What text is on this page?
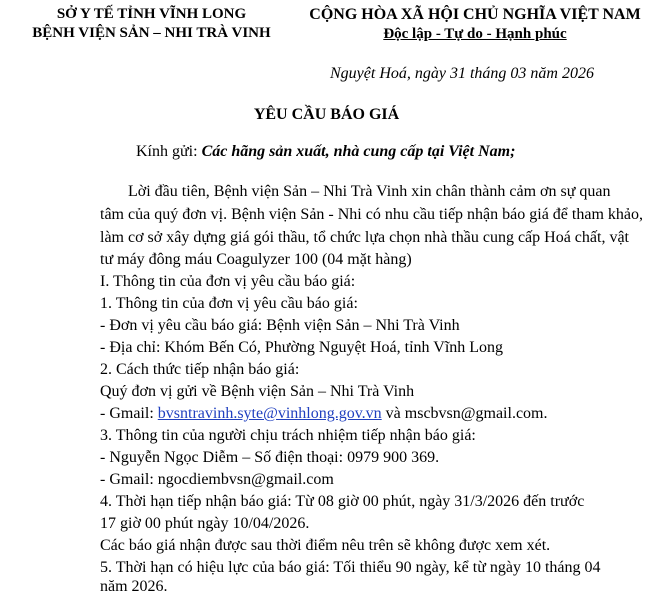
SỞ Y TẾ TỈNH VĨNH LONG
BỆNH VIỆN SẢN – NHI TRÀ VINH
CỘNG HÒA XÃ HỘI CHỦ NGHĨA VIỆT NAM
Độc lập - Tự do - Hạnh phúc
Nguyệt Hoá, ngày 31 tháng 03 năm 2026
YÊU CẦU BÁO GIÁ
Kính gửi: Các hãng sản xuất, nhà cung cấp tại Việt Nam;
Lời đầu tiên, Bệnh viện Sản – Nhi Trà Vinh xin chân thành cảm ơn sự quan
tâm của quý đơn vị. Bệnh viện Sản - Nhi có nhu cầu tiếp nhận báo giá để tham khảo,
làm cơ sở xây dựng giá gói thầu, tổ chức lựa chọn nhà thầu cung cấp Hoá chất, vật
tư máy đông máu Coagulyzer 100 (04 mặt hàng)
I. Thông tin của đơn vị yêu cầu báo giá:
1. Thông tin của đơn vị yêu cầu báo giá:
- Đơn vị yêu cầu báo giá: Bệnh viện Sản – Nhi Trà Vinh
- Địa chỉ: Khóm Bến Có, Phường Nguyệt Hoá, tỉnh Vĩnh Long
2. Cách thức tiếp nhận báo giá:
Quý đơn vị gửi về Bệnh viện Sản – Nhi Trà Vinh
- Gmail: bvsntravinh.syte@vinhlong.gov.vn và mscbvsn@gmail.com.
3. Thông tin của người chịu trách nhiệm tiếp nhận báo giá:
- Nguyễn Ngọc Diễm – Số điện thoại: 0979 900 369.
- Gmail: ngocdiembvsn@gmail.com
4. Thời hạn tiếp nhận báo giá: Từ 08 giờ 00 phút, ngày 31/3/2026 đến trước
17 giờ 00 phút ngày 10/04/2026.
Các báo giá nhận được sau thời điểm nêu trên sẽ không được xem xét.
5. Thời hạn có hiệu lực của báo giá: Tối thiểu 90 ngày, kể từ ngày 10 tháng 04
năm 2026.
